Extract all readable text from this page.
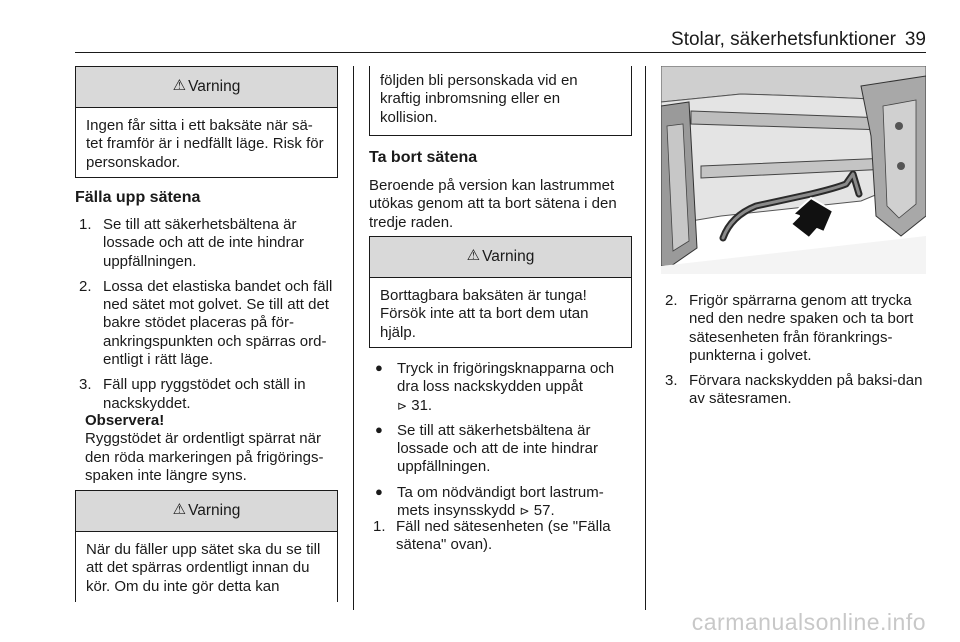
Stolar, säkerhetsfunktioner 39
⚠ Varning
Ingen får sitta i ett baksäte när sä-tet framför är i nedfällt läge. Risk för personskador.
Fälla upp sätena
1. Se till att säkerhetsbältena är lossade och att de inte hindrar uppfällningen.
2. Lossa det elastiska bandet och fäll ned sätet mot golvet. Se till att det bakre stödet placeras på för-ankringspunkten och spärras ord-entligt i rätt läge.
3. Fäll upp ryggstödet och ställ in nackskyddet.
Observera!
Ryggstödet är ordentligt spärrat när den röda markeringen på frigörings-spaken inte längre syns.
⚠ Varning
När du fäller upp sätet ska du se till att det spärras ordentligt innan du kör. Om du inte gör detta kan
följden bli personskada vid en kraftig inbromsning eller en kollision.
Ta bort sätena
Beroende på version kan lastrummet utökas genom att ta bort sätena i den tredje raden.
⚠ Varning
Borttagbara baksäten är tunga! Försök inte att ta bort dem utan hjälp.
● Tryck in frigöringsknapparna och dra loss nackskydden uppåt
⊳ 31.
● Se till att säkerhetsbältena är lossade och att de inte hindrar uppfällningen.
● Ta om nödvändigt bort lastrum-mets insynsskydd ⊳ 57.
1. Fäll ned sätesenheten (se "Fälla sätena" ovan).
2. Frigör spärrarna genom att trycka ned den nedre spaken och ta bort sätesenheten från förankrings-punkterna i golvet.
3. Förvara nackskydden på baksi-dan av sätesramen.
carmanualsonline.info
